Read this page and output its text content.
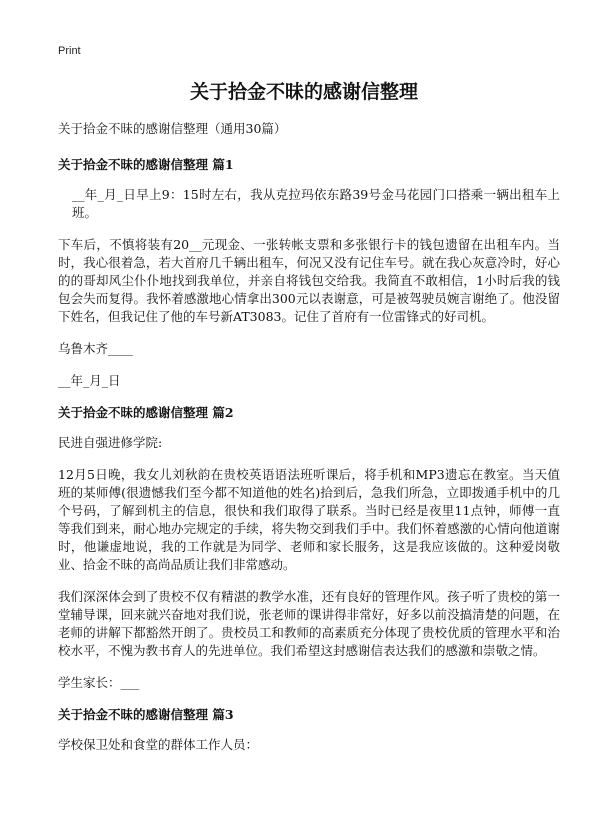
Print
关于拾金不昧的感谢信整理
关于拾金不昧的感谢信整理（通用30篇）
关于拾金不昧的感谢信整理 篇1
__年_月_日早上9：15时左右，我从克拉玛依东路39号金马花园门口搭乘一辆出租车上班。
下车后，不慎将装有20__元现金、一张转帐支票和多张银行卡的钱包遗留在出租车内。当时，我心很着急，若大首府几千辆出租车，何况又没有记住车号。就在我心灰意冷时，好心的的哥却风尘仆仆地找到我单位，并亲自将钱包交给我。我简直不敢相信，1小时后我的钱包会失而复得。我怀着感激地心情拿出300元以表谢意，可是被驾驶员婉言谢绝了。他没留下姓名，但我记住了他的车号新AT3083。记住了首府有一位雷锋式的好司机。
乌鲁木齐____
__年_月_日
关于拾金不昧的感谢信整理 篇2
民进自强进修学院:
12月5日晚，我女儿刘秋韵在贵校英语语法班听课后，将手机和MP3遗忘在教室。当天值班的某师傅(很遗憾我们至今都不知道他的姓名)拾到后，急我们所急，立即拨通手机中的几个号码，了解到机主的信息，很快和我们取得了联系。当时已经是夜里11点钟，师傅一直等我们到来，耐心地办完规定的手续，将失物交到我们手中。我们怀着感激的心情向他道谢时，他谦虚地说，我的工作就是为同学、老师和家长服务，这是我应该做的。这种爱岗敬业、拾金不昧的高尚品质让我们非常感动。
我们深深体会到了贵校不仅有精湛的教学水准，还有良好的管理作风。孩子听了贵校的第一堂辅导课，回来就兴奋地对我们说，张老师的课讲得非常好，好多以前没搞清楚的问题，在老师的讲解下都豁然开朗了。贵校员工和教师的高素质充分体现了贵校优质的管理水平和治校水平，不愧为教书育人的先进单位。我们希望这封感谢信表达我们的感激和崇敬之情。
学生家长：___
关于拾金不昧的感谢信整理 篇3
学校保卫处和食堂的群体工作人员：
